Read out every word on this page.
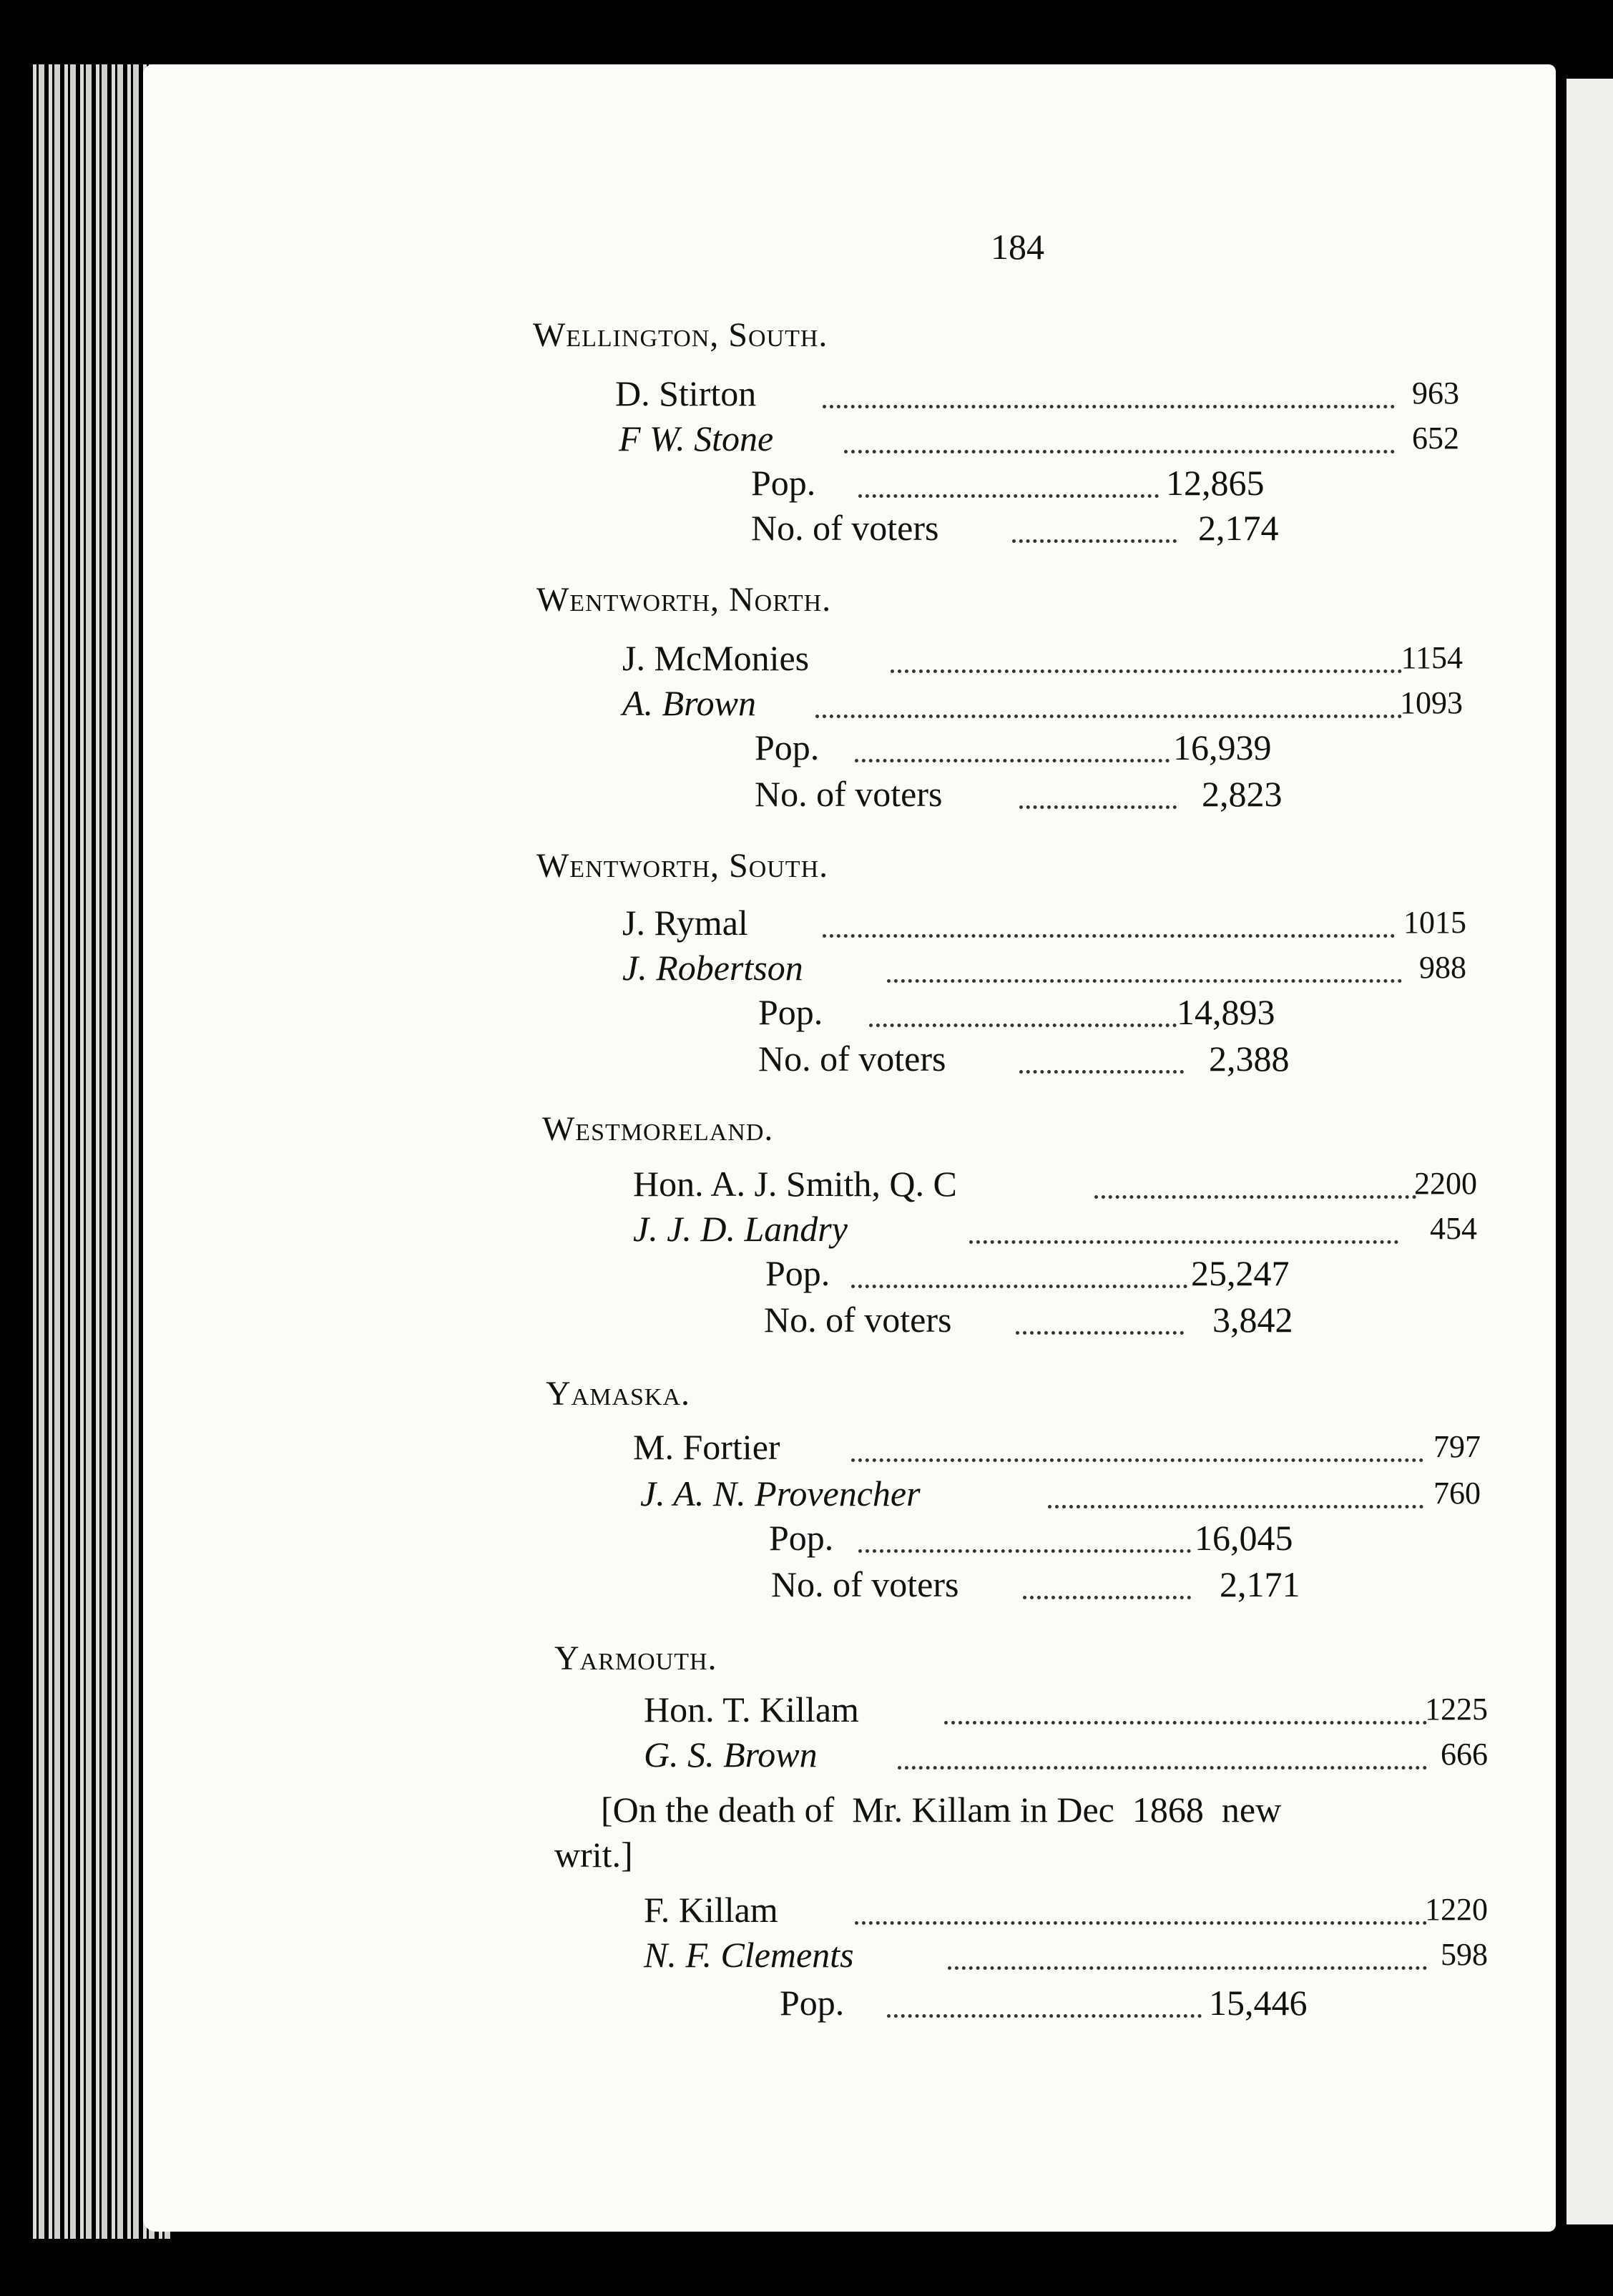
184
Wellington, South.
D. Stirton	963
F W. Stone	652
Pop.	12,865
No. of voters	2,174
Wentworth, North.
J. McMonies	1154
A. Brown	1093
Pop.	16,939
No. of voters	2,823
Wentworth, South.
J. Rymal	1015
J. Robertson	988
Pop.	14,893
No. of voters	2,388
Westmoreland.
Hon. A. J. Smith, Q. C	2200
J. J. D. Landry	454
Pop.	25,247
No. of voters	3,842
Yamaska.
M. Fortier	797
J. A. N. Provencher	760
Pop.	16,045
No. of voters	2,171
Yarmouth.
Hon. T. Killam	1225
G. S. Brown	666
[On the death of  Mr. Killam in Dec  1868  new
writ.]
F. Killam	1220
N. F. Clements	598
Pop.	15,446
